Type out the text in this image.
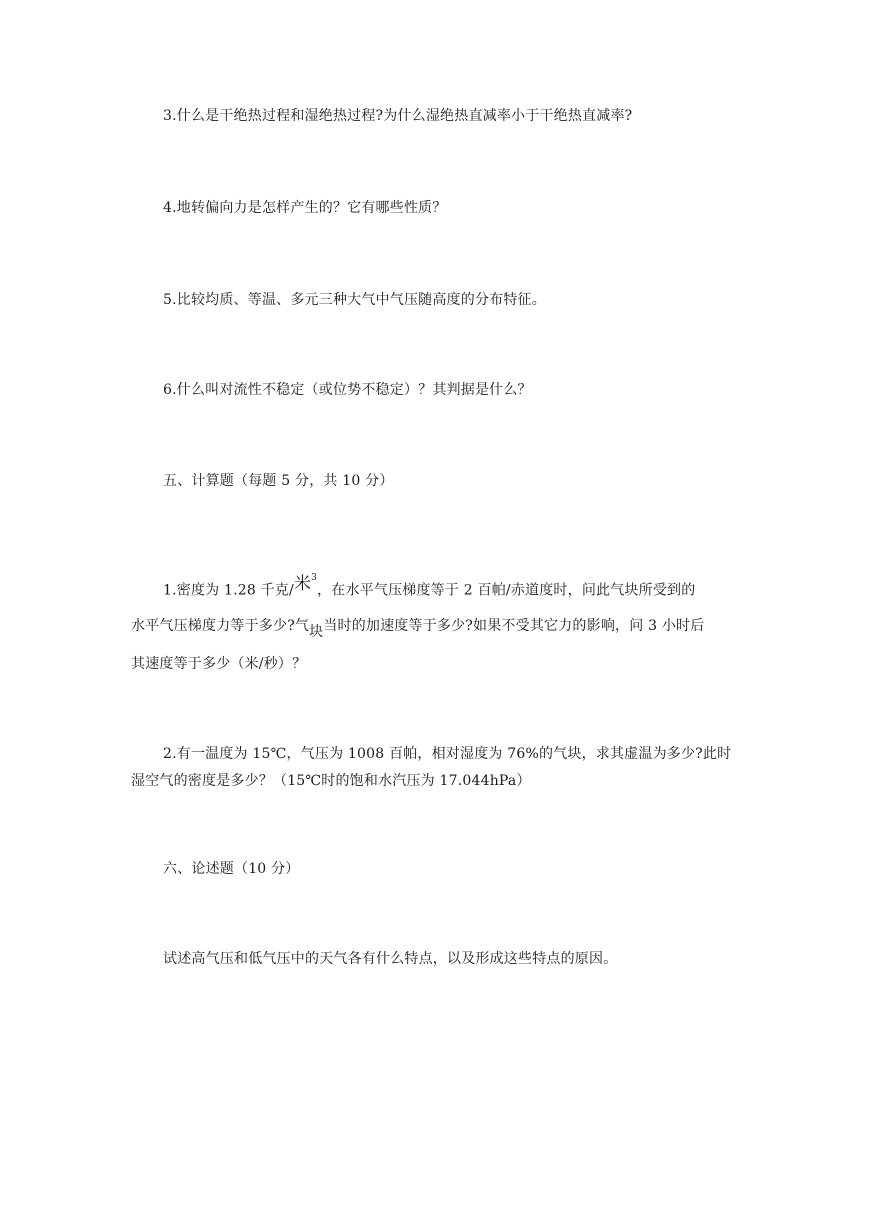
3.什么是干绝热过程和湿绝热过程?为什么湿绝热直减率小于干绝热直减率?
4.地转偏向力是怎样产生的？它有哪些性质？
5.比较均质、等温、多元三种大气中气压随高度的分布特征。
6.什么叫对流性不稳定（或位势不稳定）？其判据是什么？
五、计算题（每题 5 分，共 10 分）
1.密度为 1.28 千克/米$^3$，在水平气压梯度等于 2 百帕/赤道度时，问此气块所受到的
水平气压梯度力等于多少?气块当时的加速度等于多少?如果不受其它力的影响，问 3 小时后
其速度等于多少（米/秒）？
2.有一温度为 15℃，气压为 1008 百帕，相对湿度为 76%的气块，求其虚温为多少?此时
湿空气的密度是多少？（15℃时的饱和水汽压为 17.044hPa）
六、论述题（10 分）
试述高气压和低气压中的天气各有什么特点，以及形成这些特点的原因。
